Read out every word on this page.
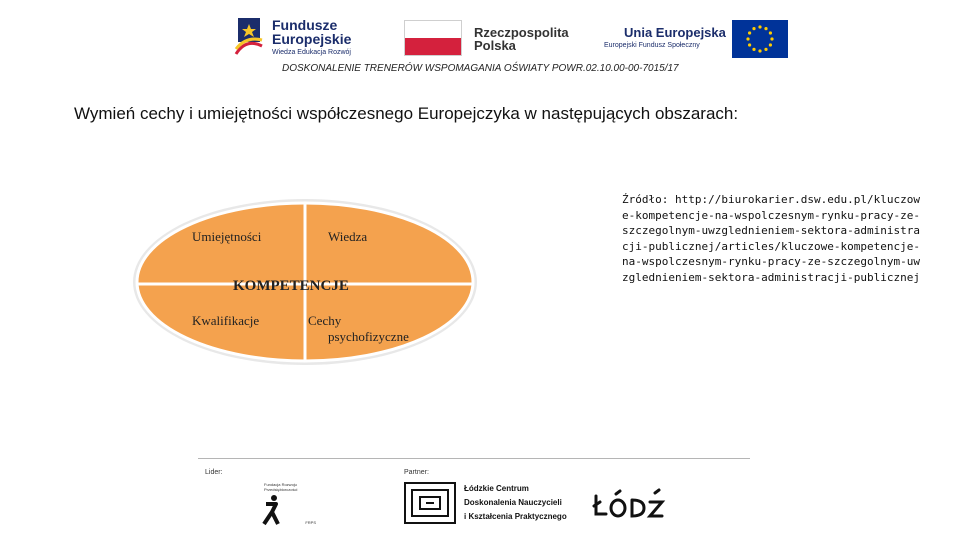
Fundusze
Europejskie
Wiedza Edukacja Rozwój
Rzeczpospolita
Polska
Unia Europejska
Europejski Fundusz Społeczny
DOSKONALENIE TRENERÓW WSPOMAGANIA OŚWIATY POWR.02.10.00-00-7015/17
Wymień cechy i umiejętności współczesnego Europejczyka w następujących obszarach:
Umiejętności	Wiedza
KOMPETENCJE
Kwalifikacje	Cechy
psychofizyczne
Źródło: http://biurokarier.dsw.edu.pl/kluczowe-kompetencje-na-wspolczesnym-rynku-pracy-ze-szczegolnym-uwzglednieniem-sektora-administracji-publicznej/articles/kluczowe-kompetencje-na-wspolczesnym-rynku-pracy-ze-szczegolnym-uwzglednieniem-sektora-administracji-publicznej
Lider:	Partner:
Fundacja Rozwoju
Przedsiębiorczości
FRPS
Łódzkie Centrum
Doskonalenia Nauczycieli
i Kształcenia Praktycznego
